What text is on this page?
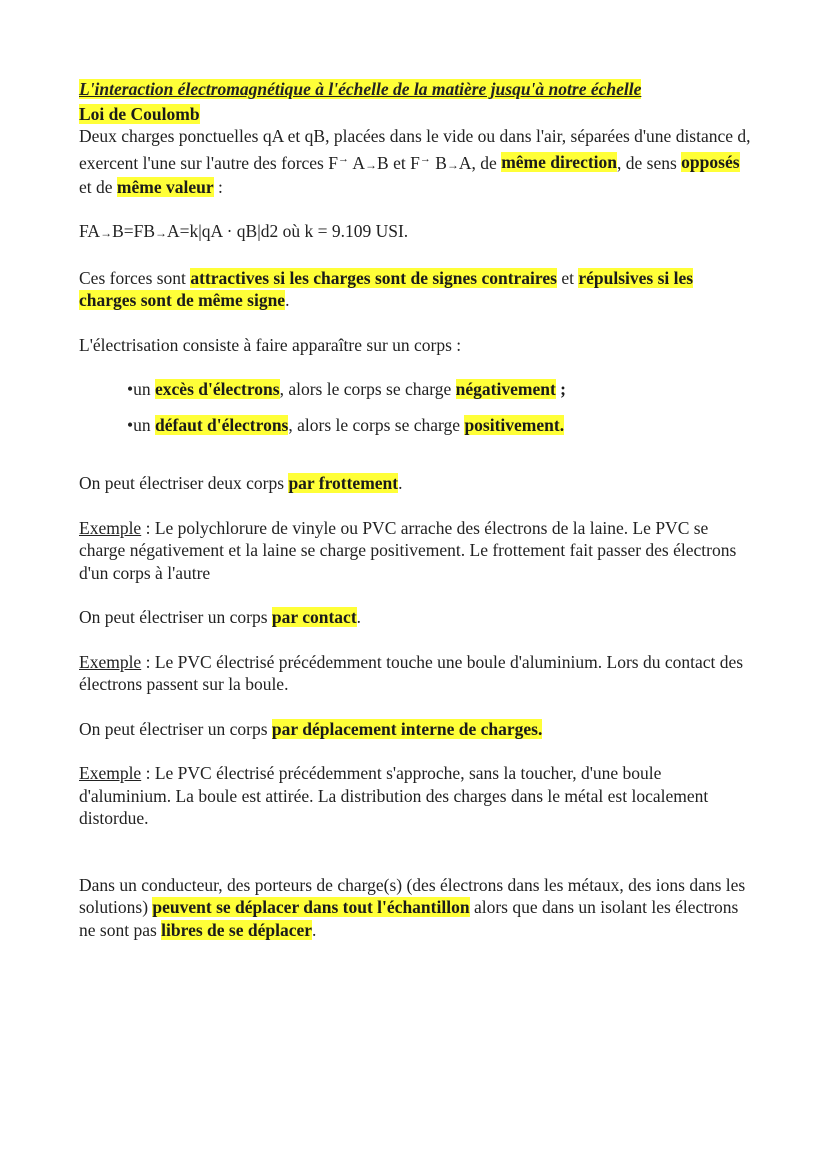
L'interaction électromagnétique à l'échelle de la matière jusqu'à notre échelle

Loi de Coulomb

Deux charges ponctuelles qA et qB, placées dans le vide ou dans l'air, séparées d'une distance d, exercent l'une sur l'autre des forces F→ A→B et F→ B→A, de même direction, de sens opposés et de même valeur :

FA→B=FB→A=k|qA · qB|d2 où k = 9.109 USI.

Ces forces sont attractives si les charges sont de signes contraires et répulsives si les charges sont de même signe.

L'électrisation consiste à faire apparaître sur un corps :

•un excès d'électrons, alors le corps se charge négativement ;

•un défaut d'électrons, alors le corps se charge positivement.

On peut électriser deux corps par frottement.

Exemple : Le polychlorure de vinyle ou PVC arrache des électrons de la laine. Le PVC se charge négativement et la laine se charge positivement. Le frottement fait passer des électrons d'un corps à l'autre

On peut électriser un corps par contact.

Exemple : Le PVC électrisé précédemment touche une boule d'aluminium. Lors du contact des électrons passent sur la boule.

On peut électriser un corps par déplacement interne de charges.

Exemple : Le PVC électrisé précédemment s'approche, sans la toucher, d'une boule d'aluminium. La boule est attirée. La distribution des charges dans le métal est localement distordue.

Dans un conducteur, des porteurs de charge(s) (des électrons dans les métaux, des ions dans les solutions) peuvent se déplacer dans tout l'échantillon alors que dans un isolant les électrons ne sont pas libres de se déplacer.
